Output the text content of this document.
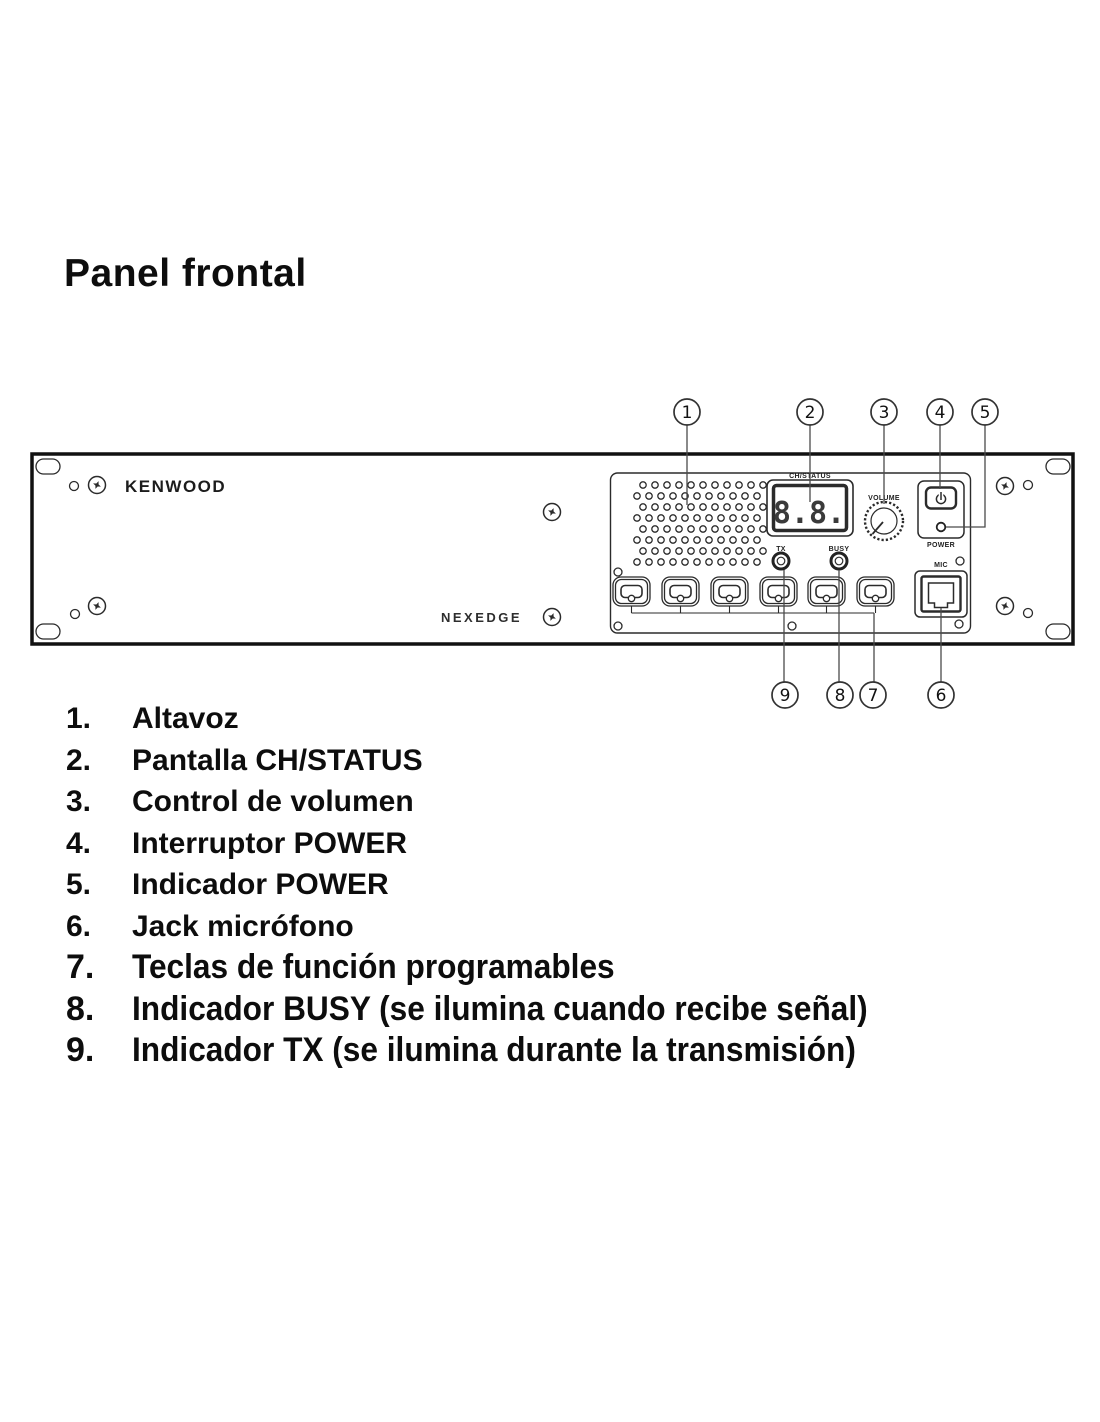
Panel frontal
KENWOOD
NEXEDGE
CH/STATUS
8.8.
TX	BUSY
VOLUME
POWER
MIC
1	2	3	4 5
9	8 7	6
1. Altavoz
2. Pantalla CH/STATUS
3. Control de volumen
4. Interruptor POWER
5. Indicador POWER
6. Jack micrófono
7. Teclas de función programables
8. Indicador BUSY (se ilumina cuando recibe señal)
9. Indicador TX (se ilumina durante la transmisión)
